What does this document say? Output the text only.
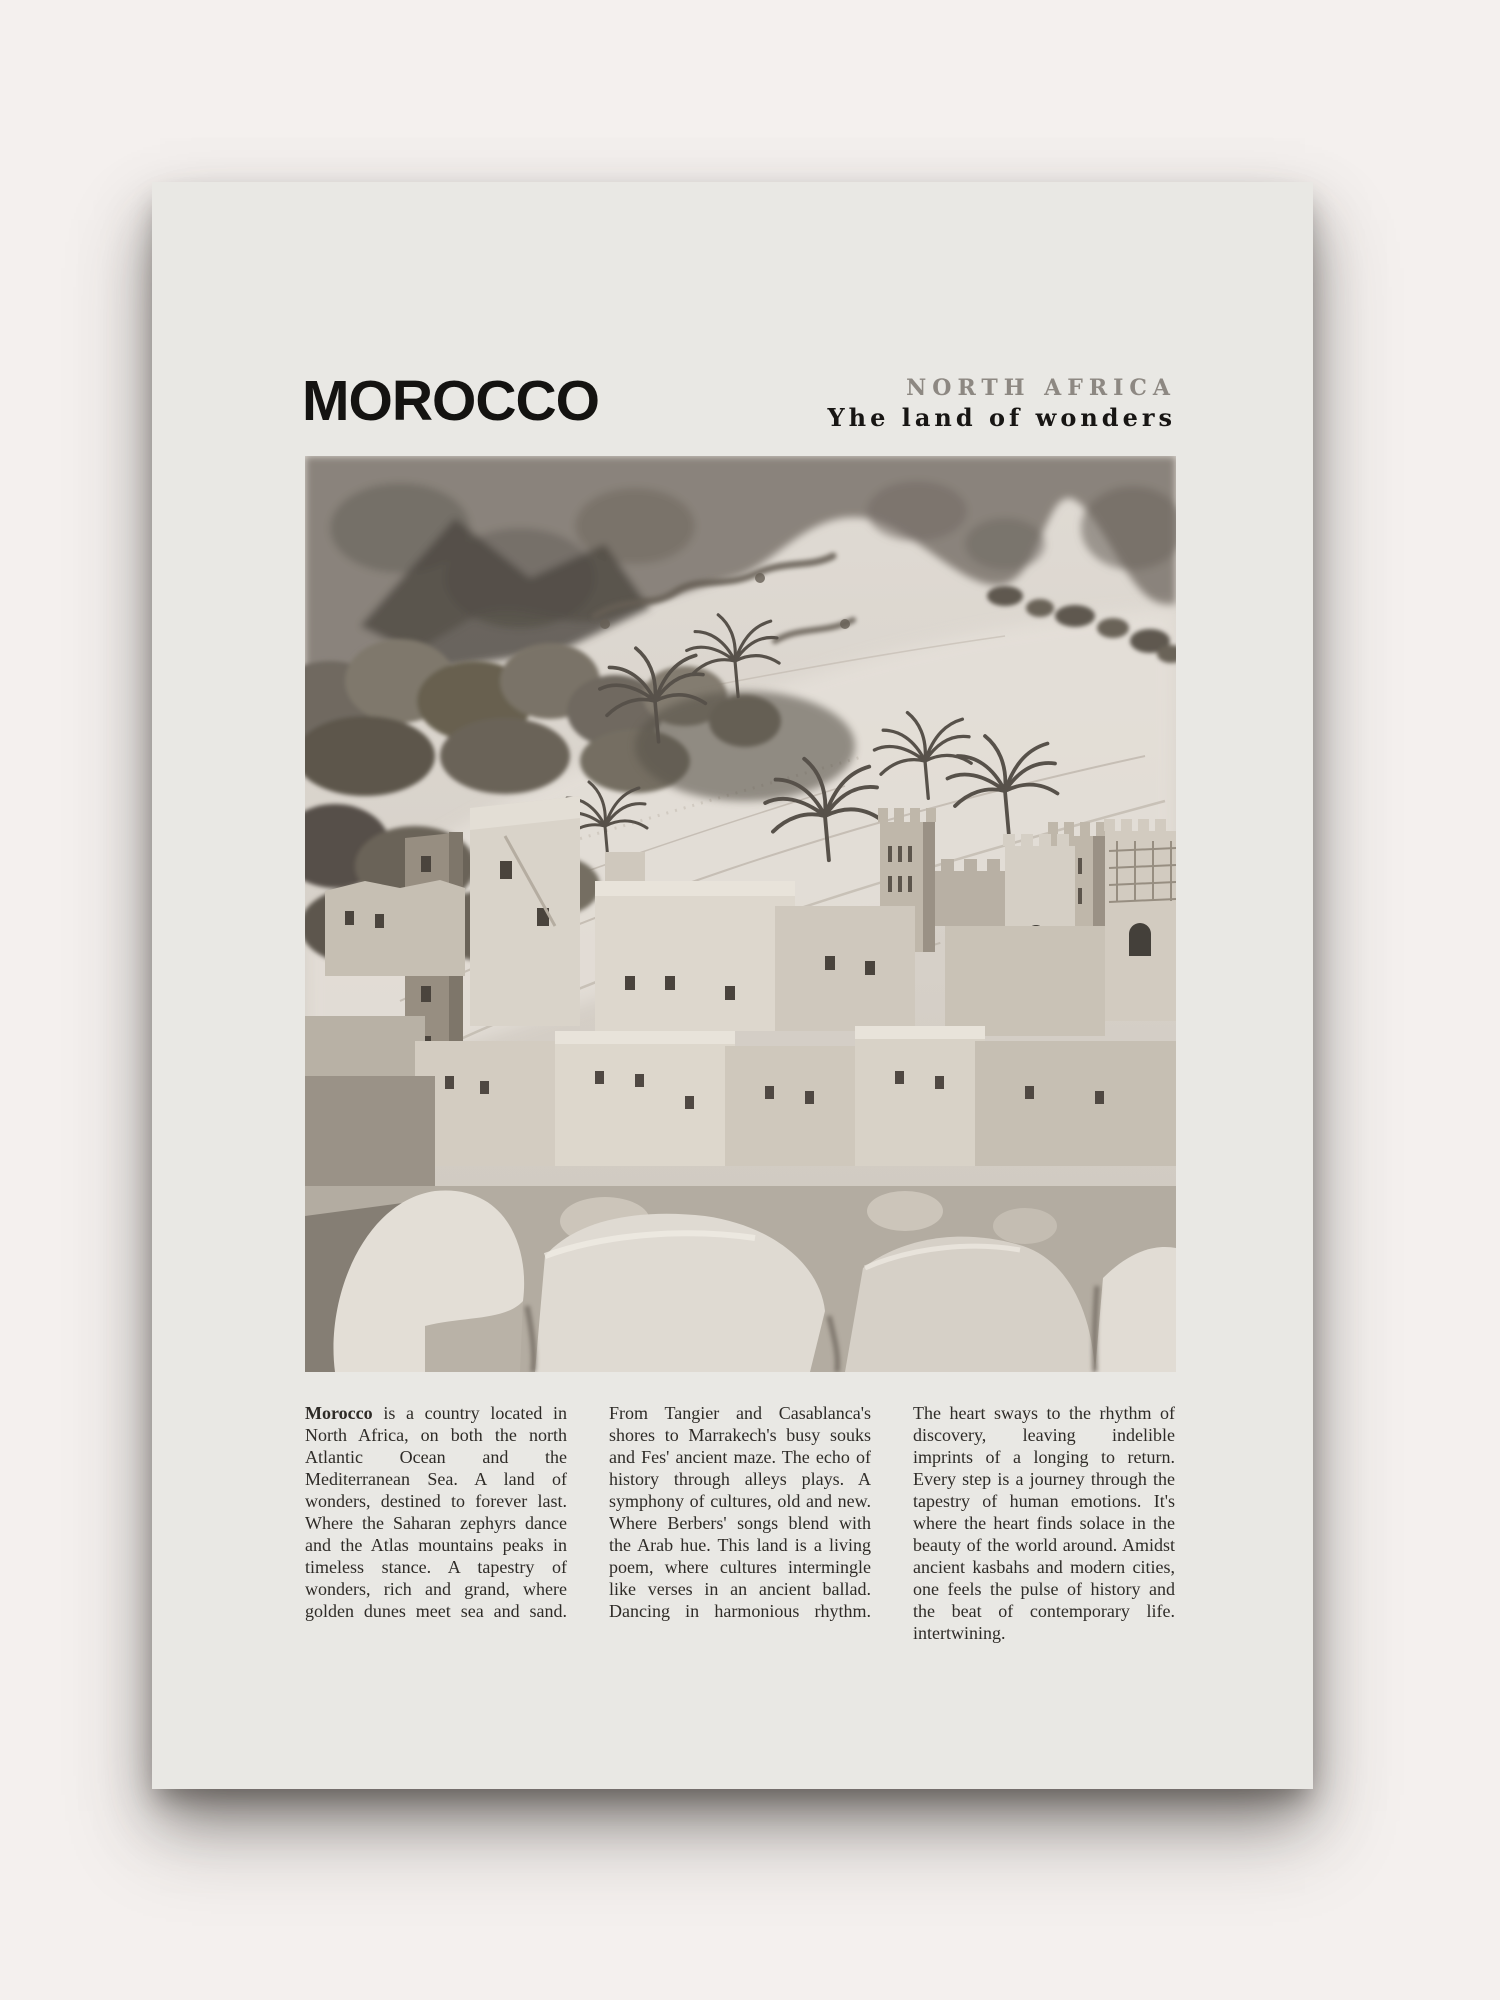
MOROCCO	NORTH AFRICA
Yhe land of wonders
Morocco is a country located in North Africa, on both the north Atlantic Ocean and the Mediterranean Sea. A land of wonders, destined to forever last. Where the Saharan zephyrs dance and the Atlas mountains peaks in timeless stance. A tapestry of wonders, rich and grand, where golden dunes meet sea and sand.
From Tangier and Casablanca's shores to Marrakech's busy souks and Fes' ancient maze. The echo of history through alleys plays. A symphony of cultures, old and new. Where Berbers' songs blend with the Arab hue. This land is a living poem, where cultures intermingle like verses in an ancient ballad. Dancing in harmonious rhythm.
The heart sways to the rhythm of discovery, leaving indelible imprints of a longing to return. Every step is a journey through the tapestry of human emotions. It's where the heart finds solace in the beauty of the world around. Amidst ancient kasbahs and modern cities, one feels the pulse of history and the beat of contemporary life. intertwining.
